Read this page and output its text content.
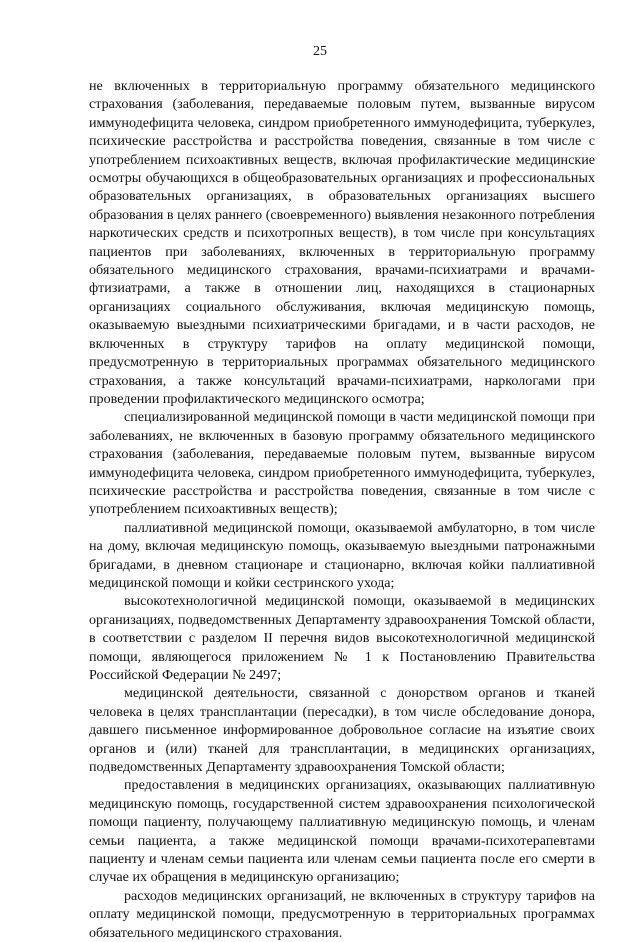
25

не включенных в территориальную программу обязательного медицинского страхования (заболевания, передаваемые половым путем, вызванные вирусом иммунодефицита человека, синдром приобретенного иммунодефицита, туберкулез, психические расстройства и расстройства поведения, связанные в том числе с употреблением психоактивных веществ, включая профилактические медицинские осмотры обучающихся в общеобразовательных организациях и профессиональных образовательных организациях, в образовательных организациях высшего образования в целях раннего (своевременного) выявления незаконного потребления наркотических средств и психотропных веществ), в том числе при консультациях пациентов при заболеваниях, включенных в территориальную программу обязательного медицинского страхования, врачами-психиатрами и врачами-фтизиатрами, а также в отношении лиц, находящихся в стационарных организациях социального обслуживания, включая медицинскую помощь, оказываемую выездными психиатрическими бригадами, и в части расходов, не включенных в структуру тарифов на оплату медицинской помощи, предусмотренную в территориальных программах обязательного медицинского страхования, а также консультаций врачами-психиатрами, наркологами при проведении профилактического медицинского осмотра;

специализированной медицинской помощи в части медицинской помощи при заболеваниях, не включенных в базовую программу обязательного медицинского страхования (заболевания, передаваемые половым путем, вызванные вирусом иммунодефицита человека, синдром приобретенного иммунодефицита, туберкулез, психические расстройства и расстройства поведения, связанные в том числе с употреблением психоактивных веществ);

паллиативной медицинской помощи, оказываемой амбулаторно, в том числе на дому, включая медицинскую помощь, оказываемую выездными патронажными бригадами, в дневном стационаре и стационарно, включая койки паллиативной медицинской помощи и койки сестринского ухода;

высокотехнологичной медицинской помощи, оказываемой в медицинских организациях, подведомственных Департаменту здравоохранения Томской области, в соответствии с разделом II перечня видов высокотехнологичной медицинской помощи, являющегося приложением № 1 к Постановлению Правительства Российской Федерации № 2497;

медицинской деятельности, связанной с донорством органов и тканей человека в целях трансплантации (пересадки), в том числе обследование донора, давшего письменное информированное добровольное согласие на изъятие своих органов и (или) тканей для трансплантации, в медицинских организациях, подведомственных Департаменту здравоохранения Томской области;

предоставления в медицинских организациях, оказывающих паллиативную медицинскую помощь, государственной систем здравоохранения психологической помощи пациенту, получающему паллиативную медицинскую помощь, и членам семьи пациента, а также медицинской помощи врачами-психотерапевтами пациенту и членам семьи пациента или членам семьи пациента после его смерти в случае их обращения в медицинскую организацию;

расходов медицинских организаций, не включенных в структуру тарифов на оплату медицинской помощи, предусмотренную в территориальных программах обязательного медицинского страхования.
